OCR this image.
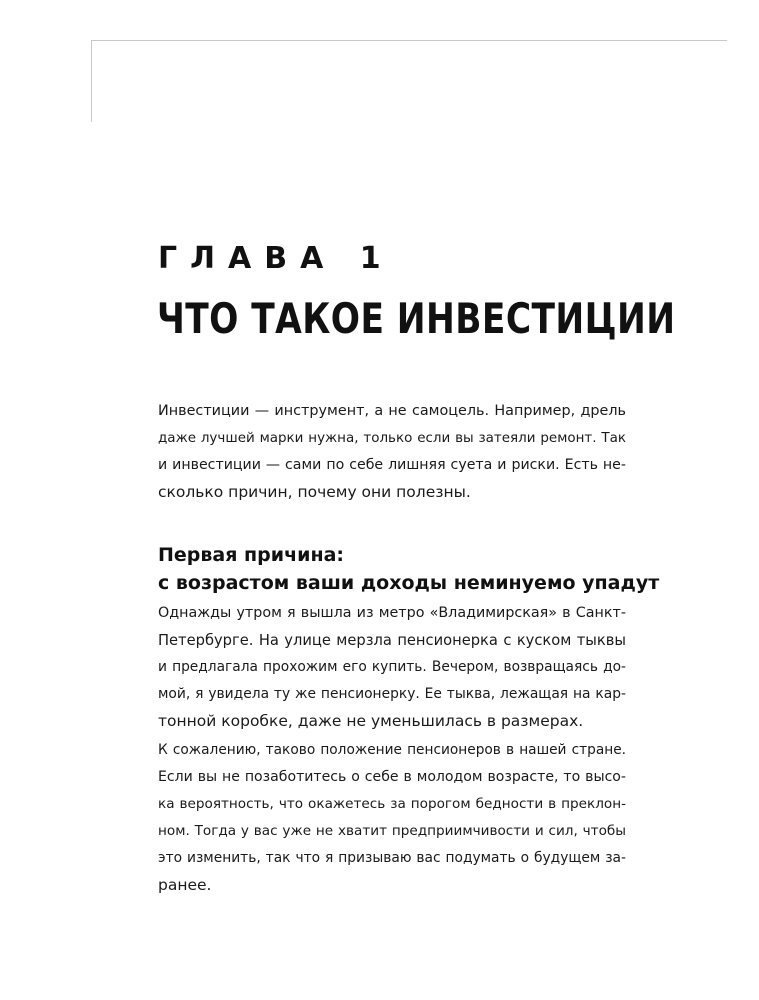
ГЛАВА 1
ЧТО ТАКОЕ ИНВЕСТИЦИИ
Инвестиции — инструмент, а не самоцель. Например, дрель
даже лучшей марки нужна, только если вы затеяли ремонт. Так
и инвестиции — сами по себе лишняя суета и риски. Есть не-
сколько причин, почему они полезны.
Первая причина:
с возрастом ваши доходы неминуемо упадут
Однажды утром я вышла из метро «Владимирская» в Санкт-
Петербурге. На улице мерзла пенсионерка с куском тыквы
и предлагала прохожим его купить. Вечером, возвращаясь до-
мой, я увидела ту же пенсионерку. Ее тыква, лежащая на кар-
тонной коробке, даже не уменьшилась в размерах.
К сожалению, таково положение пенсионеров в нашей стране.
Если вы не позаботитесь о себе в молодом возрасте, то высо-
ка вероятность, что окажетесь за порогом бедности в преклон-
ном. Тогда у вас уже не хватит предприимчивости и сил, чтобы
это изменить, так что я призываю вас подумать о будущем за-
ранее.
